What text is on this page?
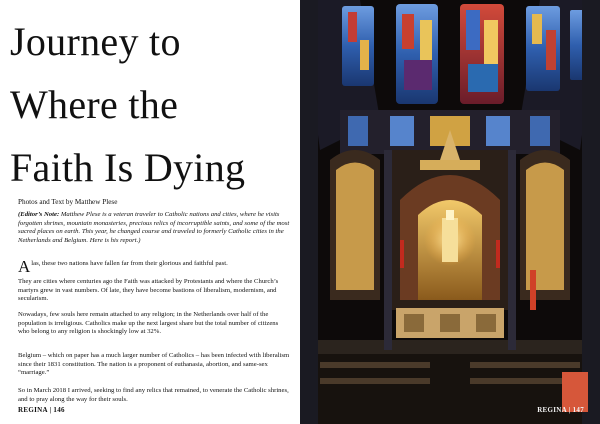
Journey to
Where the
Faith Is Dying
Photos and Text by Matthew Plese

(Editor’s Note: Matthew Plese is a veteran traveler to Catholic nations and cities, where he visits forgotten shrines, mountain monasteries, precious relics of incorruptible saints, and some of the most sacred places on earth. This year, he changed course and traveled to formerly Catholic cities in the Netherlands and Belgium. Here is his report.)

Alas, these two nations have fallen far from their glorious and faithful past.

They are cities where centuries ago the Faith was attacked by Protestants and where the Church’s martyrs grew in vast numbers. Of late, they have become bastions of liberalism, modernism, and secularism.

Nowadays, few souls here remain attached to any religion; in the Netherlands over half of the population is irreligious. Catholics make up the next largest share but the total number of citizens who belong to any religion is shockingly low at 32%.

Belgium – which on paper has a much larger number of Catholics – has been infected with liberalism since their 1831 constitution. The nation is a proponent of euthanasia, abortion, and same-sex “marriage.”

So in March 2018 I arrived, seeking to find any relics that remained, to venerate the Catholic shrines, and to pray along the way for their souls.

REGINA | 146	REGINA | 147
